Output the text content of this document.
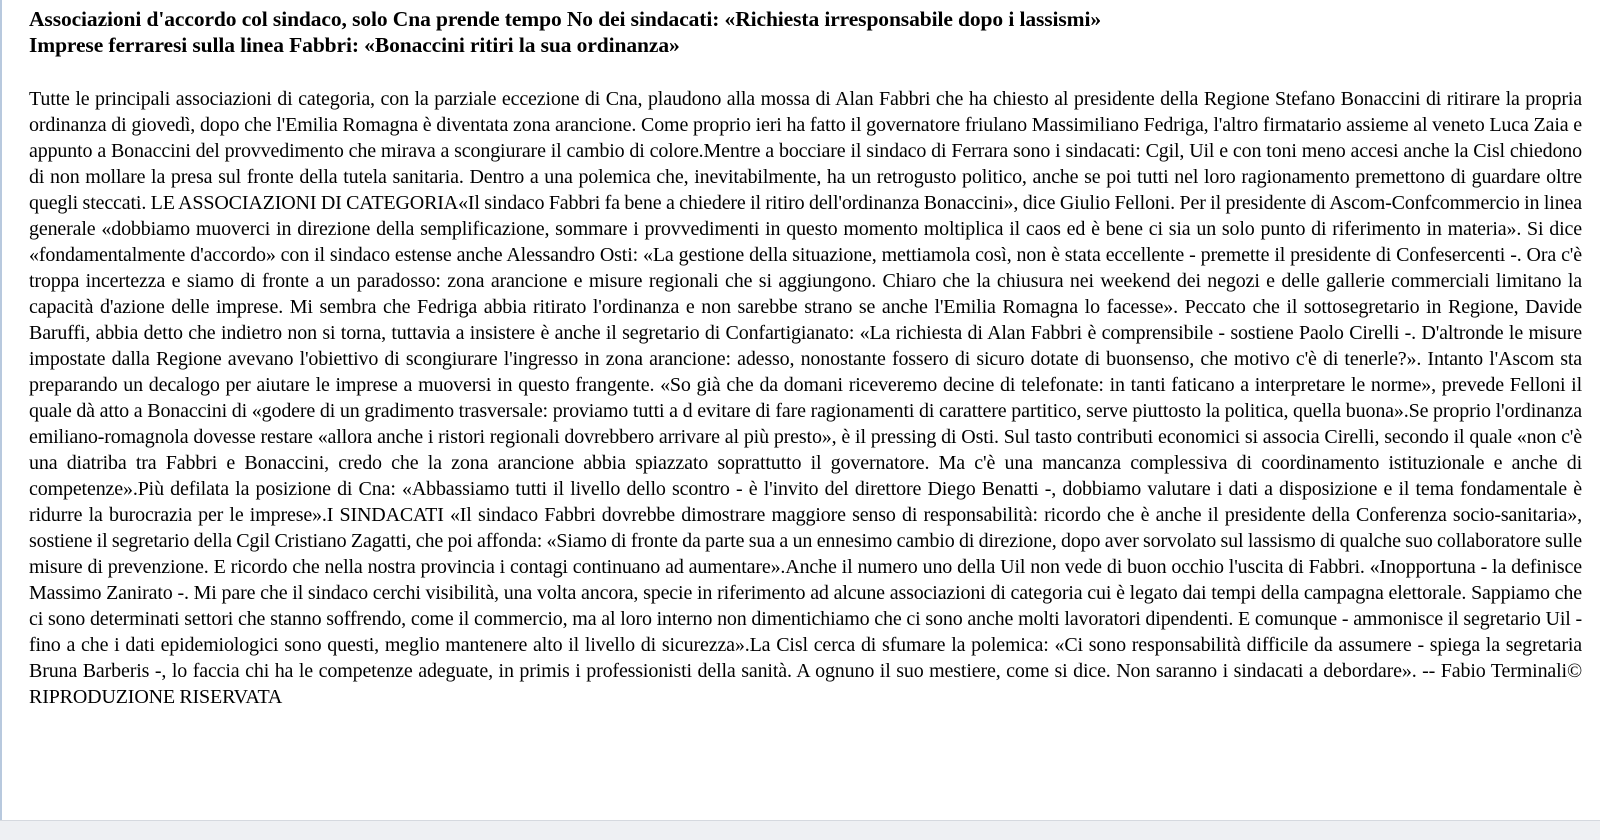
Associazioni d'accordo col sindaco, solo Cna prende tempo No dei sindacati: «Richiesta irresponsabile dopo i lassismi»
Imprese ferraresi sulla linea Fabbri: «Bonaccini ritiri la sua ordinanza»

Tutte le principali associazioni di categoria, con la parziale eccezione di Cna, plaudono alla mossa di Alan Fabbri che ha chiesto al presidente della Regione Stefano Bonaccini di ritirare la propria ordinanza di giovedì, dopo che l'Emilia Romagna è diventata zona arancione. Come proprio ieri ha fatto il governatore friulano Massimiliano Fedriga, l'altro firmatario assieme al veneto Luca Zaia e appunto a Bonaccini del provvedimento che mirava a scongiurare il cambio di colore.Mentre a bocciare il sindaco di Ferrara sono i sindacati: Cgil, Uil e con toni meno accesi anche la Cisl chiedono di non mollare la presa sul fronte della tutela sanitaria. Dentro a una polemica che, inevitabilmente, ha un retrogusto politico, anche se poi tutti nel loro ragionamento premettono di guardare oltre quegli steccati. LE ASSOCIAZIONI DI CATEGORIA«Il sindaco Fabbri fa bene a chiedere il ritiro dell'ordinanza Bonaccini», dice Giulio Felloni. Per il presidente di Ascom-Confcommercio in linea generale «dobbiamo muoverci in direzione della semplificazione, sommare i provvedimenti in questo momento moltiplica il caos ed è bene ci sia un solo punto di riferimento in materia». Si dice «fondamentalmente d'accordo» con il sindaco estense anche Alessandro Osti: «La gestione della situazione, mettiamola così, non è stata eccellente - premette il presidente di Confesercenti -. Ora c'è troppa incertezza e siamo di fronte a un paradosso: zona arancione e misure regionali che si aggiungono. Chiaro che la chiusura nei weekend dei negozi e delle gallerie commerciali limitano la capacità d'azione delle imprese. Mi sembra che Fedriga abbia ritirato l'ordinanza e non sarebbe strano se anche l'Emilia Romagna lo facesse». Peccato che il sottosegretario in Regione, Davide Baruffi, abbia detto che indietro non si torna, tuttavia a insistere è anche il segretario di Confartigianato: «La richiesta di Alan Fabbri è comprensibile - sostiene Paolo Cirelli -. D'altronde le misure impostate dalla Regione avevano l'obiettivo di scongiurare l'ingresso in zona arancione: adesso, nonostante fossero di sicuro dotate di buonsenso, che motivo c'è di tenerle?». Intanto l'Ascom sta preparando un decalogo per aiutare le imprese a muoversi in questo frangente. «So già che da domani riceveremo decine di telefonate: in tanti faticano a interpretare le norme», prevede Felloni il quale dà atto a Bonaccini di «godere di un gradimento trasversale: proviamo tutti a d evitare di fare ragionamenti di carattere partitico, serve piuttosto la politica, quella buona».Se proprio l'ordinanza emiliano-romagnola dovesse restare «allora anche i ristori regionali dovrebbero arrivare al più presto», è il pressing di Osti. Sul tasto contributi economici si associa Cirelli, secondo il quale «non c'è una diatriba tra Fabbri e Bonaccini, credo che la zona arancione abbia spiazzato soprattutto il governatore. Ma c'è una mancanza complessiva di coordinamento istituzionale e anche di competenze».Più defilata la posizione di Cna: «Abbassiamo tutti il livello dello scontro - è l'invito del direttore Diego Benatti -, dobbiamo valutare i dati a disposizione e il tema fondamentale è ridurre la burocrazia per le imprese».I SINDACATI «Il sindaco Fabbri dovrebbe dimostrare maggiore senso di responsabilità: ricordo che è anche il presidente della Conferenza socio-sanitaria», sostiene il segretario della Cgil Cristiano Zagatti, che poi affonda: «Siamo di fronte da parte sua a un ennesimo cambio di direzione, dopo aver sorvolato sul lassismo di qualche suo collaboratore sulle misure di prevenzione. E ricordo che nella nostra provincia i contagi continuano ad aumentare».Anche il numero uno della Uil non vede di buon occhio l'uscita di Fabbri. «Inopportuna - la definisce Massimo Zanirato -. Mi pare che il sindaco cerchi visibilità, una volta ancora, specie in riferimento ad alcune associazioni di categoria cui è legato dai tempi della campagna elettorale. Sappiamo che ci sono determinati settori che stanno soffrendo, come il commercio, ma al loro interno non dimentichiamo che ci sono anche molti lavoratori dipendenti. E comunque - ammonisce il segretario Uil - fino a che i dati epidemiologici sono questi, meglio mantenere alto il livello di sicurezza».La Cisl cerca di sfumare la polemica: «Ci sono responsabilità difficile da assumere - spiega la segretaria Bruna Barberis -, lo faccia chi ha le competenze adeguate, in primis i professionisti della sanità. A ognuno il suo mestiere, come si dice. Non saranno i sindacati a debordare». -- Fabio Terminali© RIPRODUZIONE RISERVATA
